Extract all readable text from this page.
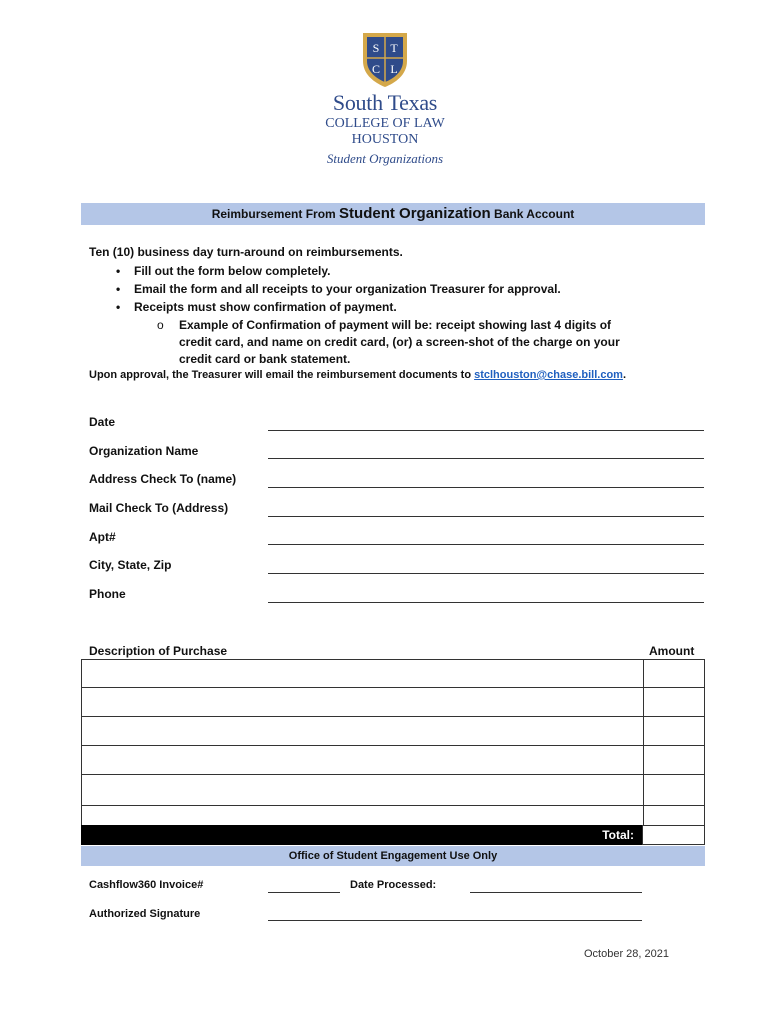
S T
C L
South Texas
COLLEGE OF LAW
HOUSTON
Student Organizations
Reimbursement From Student Organization Bank Account
Ten (10) business day turn-around on reimbursements.
• Fill out the form below completely.
• Email the form and all receipts to your organization Treasurer for approval.
• Receipts must show confirmation of payment.
o Example of Confirmation of payment will be: receipt showing last 4 digits of credit card, and name on credit card, (or) a screen-shot of the charge on your credit card or bank statement.
Upon approval, the Treasurer will email the reimbursement documents to stclhouston@chase.bill.com.
Date
Organization Name
Address Check To (name)
Mail Check To (Address)
Apt#
City, State, Zip
Phone
Description of Purchase	Amount
Total:
Office of Student Engagement Use Only
Cashflow360 Invoice#	Date Processed:
Authorized Signature
October 28, 2021
